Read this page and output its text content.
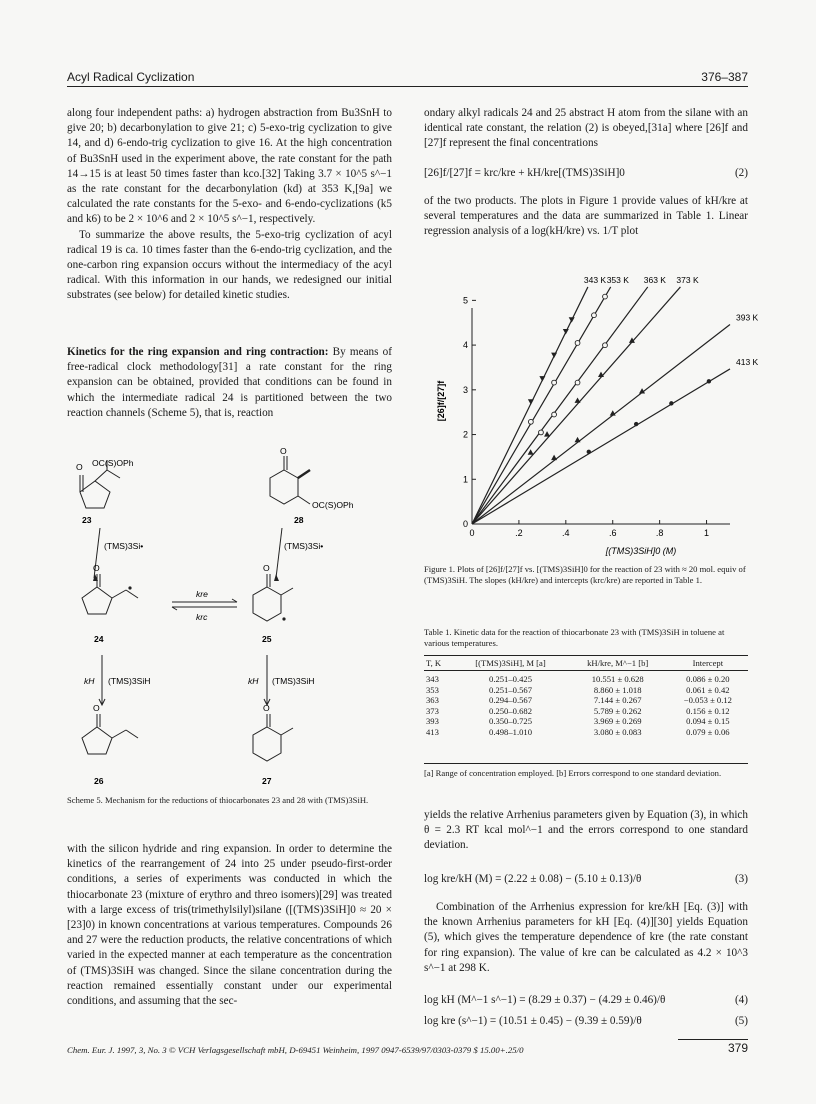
Acyl Radical Cyclization	376–387

along four independent paths: a) hydrogen abstraction from Bu3SnH to give 20; b) decarbonylation to give 21; c) 5-exo-trig cyclization to give 14, and d) 6-endo-trig cyclization to give 16. At the high concentration of Bu3SnH used in the experiment above, the rate constant for the path 14→15 is at least 50 times faster than kco.[32] Taking 3.7 × 10^5 s^−1 as the rate constant for the decarbonylation (kd) at 353 K,[9a] we calculated the rate constants for the 5-exo- and 6-endo-cyclizations (k5 and k6) to be 2 × 10^6 and 2 × 10^5 s^−1, respectively.

To summarize the above results, the 5-exo-trig cyclization of acyl radical 19 is ca. 10 times faster than the 6-endo-trig cyclization, and the one-carbon ring expansion occurs without the intermediacy of the acyl radical. With this information in our hands, we redesigned our initial substrates (see below) for detailed kinetic studies.

Kinetics for the ring expansion and ring contraction: By means of free-radical clock methodology[31] a rate constant for the ring expansion can be obtained, provided that conditions can be found in which the intermediate radical 24 is partitioned between the two reaction channels (Scheme 5), that is, reaction

O OC(S)OPh
O
OC(S)OPh
23	28
(TMS)3Si•	(TMS)3Si•
O	O
kre
krc
24	25
kH (TMS)3SiH	kH (TMS)3SiH
O	O
26	27
Scheme 5. Mechanism for the reductions of thiocarbonates 23 and 28 with (TMS)3SiH.

with the silicon hydride and ring expansion. In order to determine the kinetics of the rearrangement of 24 into 25 under pseudo-first-order conditions, a series of experiments was conducted in which the thiocarbonate 23 (mixture of erythro and threo isomers)[29] was treated with a large excess of tris(trimethylsilyl)silane ([(TMS)3SiH]0 ≈ 20 × [23]0) in known concentrations at various temperatures. Compounds 26 and 27 were the reduction products, the relative concentrations of which varied in the expected manner at each temperature as the concentration of (TMS)3SiH was changed. Since the silane concentration during the reaction remained essentially constant under our experimental conditions, and assuming that the sec-

ondary alkyl radicals 24 and 25 abstract H atom from the silane with an identical rate constant, the relation (2) is obeyed,[31a] where [26]f and [27]f represent the final concentrations

[26]f/[27]f = krc/kre + kH/kre[(TMS)3SiH]0	(2)

of the two products. The plots in Figure 1 provide values of kH/kre at several temperatures and the data are summarized in Table 1. Linear regression analysis of a log(kH/kre) vs. 1/T plot

0	.2	.4	.6	.8	1
0
1
2
3
4
5
[(TMS)3SiH]0 (M)
[26]f/[27]f
343 K 353 K 363 K 373 K
393 K
413 K
Figure 1. Plots of [26]f/[27]f vs. [(TMS)3SiH]0 for the reaction of 23 with ≈ 20 mol. equiv of (TMS)3SiH. The slopes (kH/kre) and intercepts (krc/kre) are reported in Table 1.
Table 1. Kinetic data for the reaction of thiocarbonate 23 with (TMS)3SiH in toluene at various temperatures.
T, K	[(TMS)3SiH], M [a]	kH/kre, M^−1 [b]	Intercept
343	0.251–0.425	10.551 ± 0.628	0.086 ± 0.20
353	0.251–0.567	8.860 ± 1.018	0.061 ± 0.42
363	0.294–0.567	7.144 ± 0.267	−0.053 ± 0.12
373	0.250–0.682	5.789 ± 0.262	0.156 ± 0.12
393	0.350–0.725	3.969 ± 0.269	0.094 ± 0.15
413	0.498–1.010	3.080 ± 0.083	0.079 ± 0.06
[a] Range of concentration employed. [b] Errors correspond to one standard deviation.

yields the relative Arrhenius parameters given by Equation (3), in which θ = 2.3 RT kcal mol^−1 and the errors correspond to one standard deviation.

log kre/kH (M) = (2.22 ± 0.08) − (5.10 ± 0.13)/θ	(3)

Combination of the Arrhenius expression for kre/kH [Eq. (3)] with the known Arrhenius parameters for kH [Eq. (4)][30] yields Equation (5), which gives the temperature dependence of kre (the rate constant for ring expansion). The value of kre can be calculated as 4.2 × 10^3 s^−1 at 298 K.

log kH (M^−1 s^−1) = (8.29 ± 0.37) − (4.29 ± 0.46)/θ	(4)
log kre (s^−1) = (10.51 ± 0.45) − (9.39 ± 0.59)/θ	(5)
Chem. Eur. J. 1997, 3, No. 3 © VCH Verlagsgesellschaft mbH, D-69451 Weinheim, 1997 0947-6539/97/0303-0379 $ 15.00+.25/0	379
